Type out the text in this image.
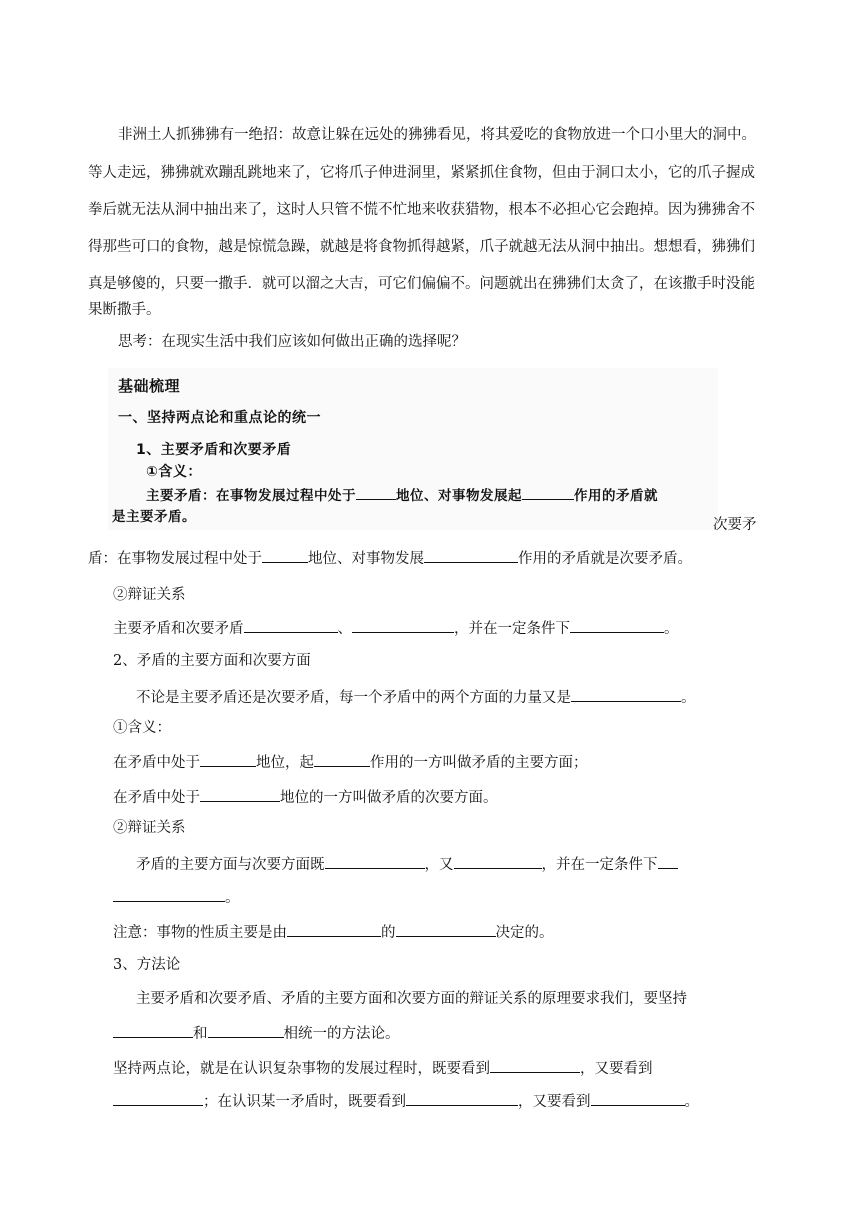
非洲土人抓狒狒有一绝招：故意让躲在远处的狒狒看见，将其爱吃的食物放进一个口小里大的洞中。
等人走远，狒狒就欢蹦乱跳地来了，它将爪子伸进洞里，紧紧抓住食物，但由于洞口太小，它的爪子握成
拳后就无法从洞中抽出来了，这时人只管不慌不忙地来收获猎物，根本不必担心它会跑掉。因为狒狒舍不
得那些可口的食物，越是惊慌急躁，就越是将食物抓得越紧，爪子就越无法从洞中抽出。想想看，狒狒们
真是够傻的，只要一撒手．就可以溜之大吉，可它们偏偏不。问题就出在狒狒们太贪了，在该撒手时没能
果断撒手。
思考：在现实生活中我们应该如何做出正确的选择呢？
基础梳理
一、坚持两点论和重点论的统一
1、主要矛盾和次要矛盾
①含义：
主要矛盾：在事物发展过程中处于	地位、对事物发展起	作用的矛盾就
是主要矛盾。	次要矛
盾：在事物发展过程中处于	地位、对事物发展	作用的矛盾就是次要矛盾。
②辩证关系
主要矛盾和次要矛盾	、	，并在一定条件下	。
2、矛盾的主要方面和次要方面
不论是主要矛盾还是次要矛盾，每一个矛盾中的两个方面的力量又是	。
①含义：
在矛盾中处于	地位，起	作用的一方叫做矛盾的主要方面；
在矛盾中处于	地位的一方叫做矛盾的次要方面。
②辩证关系
矛盾的主要方面与次要方面既	，又	，并在一定条件下
。
注意：事物的性质主要是由	的	决定的。
3、方法论
主要矛盾和次要矛盾、矛盾的主要方面和次要方面的辩证关系的原理要求我们，要坚持
和	相统一的方法论。
坚持两点论，就是在认识复杂事物的发展过程时，既要看到	，又要看到
；在认识某一矛盾时，既要看到	，又要看到	。
